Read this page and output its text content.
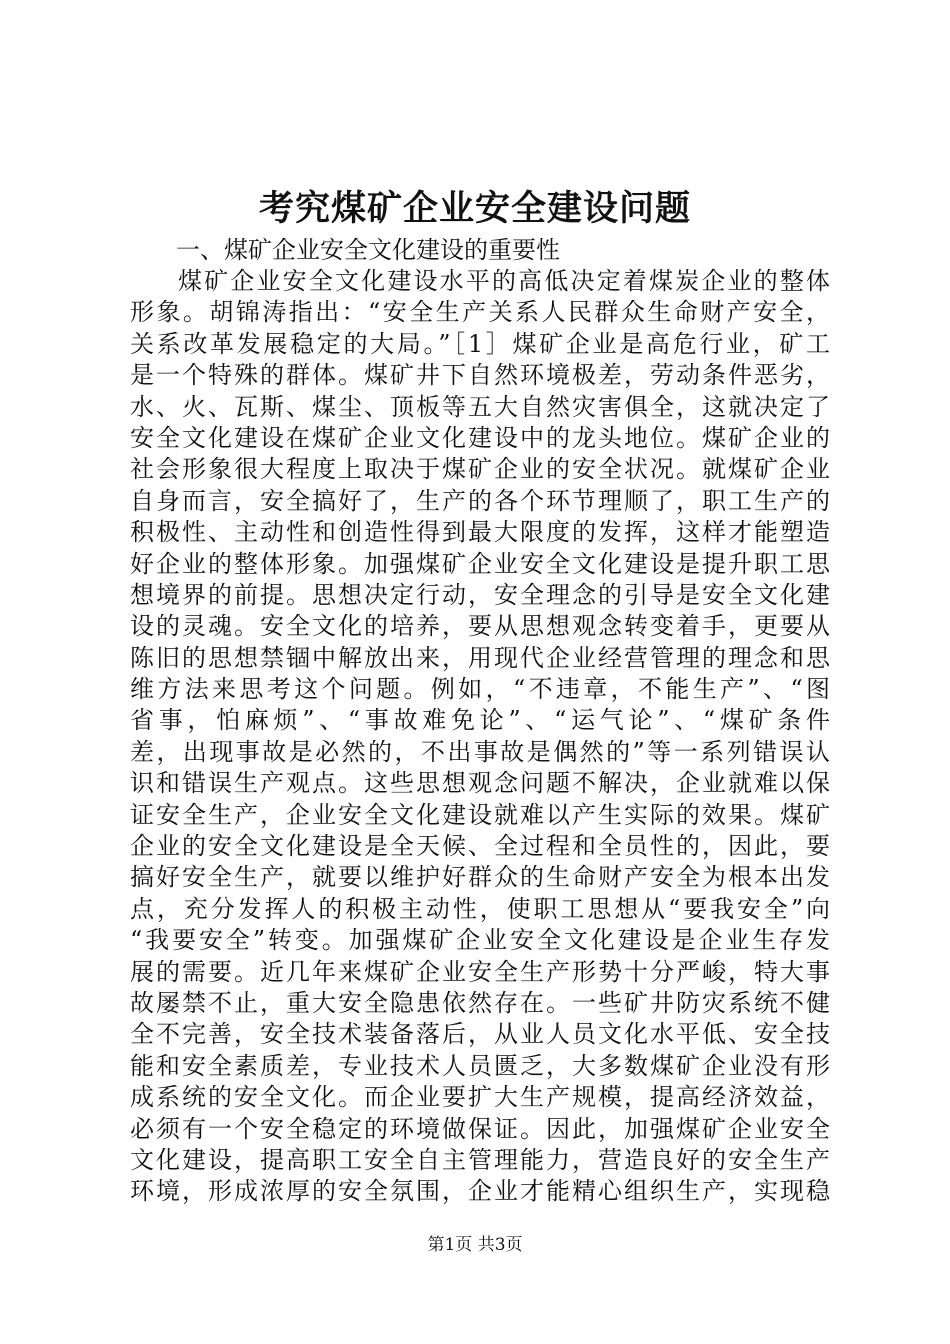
考究煤矿企业安全建设问题
一、煤矿企业安全文化建设的重要性
煤矿企业安全文化建设水平的高低决定着煤炭企业的整体
形象。胡锦涛指出：“安全生产关系人民群众生命财产安全，
关系改革发展稳定的大局。”［1］煤矿企业是高危行业，矿工
是一个特殊的群体。煤矿井下自然环境极差，劳动条件恶劣，
水、火、瓦斯、煤尘、顶板等五大自然灾害俱全，这就决定了
安全文化建设在煤矿企业文化建设中的龙头地位。煤矿企业的
社会形象很大程度上取决于煤矿企业的安全状况。就煤矿企业
自身而言，安全搞好了，生产的各个环节理顺了，职工生产的
积极性、主动性和创造性得到最大限度的发挥，这样才能塑造
好企业的整体形象。加强煤矿企业安全文化建设是提升职工思
想境界的前提。思想决定行动，安全理念的引导是安全文化建
设的灵魂。安全文化的培养，要从思想观念转变着手，更要从
陈旧的思想禁锢中解放出来，用现代企业经营管理的理念和思
维方法来思考这个问题。例如，“不违章，不能生产”、“图
省事，怕麻烦”、“事故难免论”、“运气论”、“煤矿条件
差，出现事故是必然的，不出事故是偶然的”等一系列错误认
识和错误生产观点。这些思想观念问题不解决，企业就难以保
证安全生产，企业安全文化建设就难以产生实际的效果。煤矿
企业的安全文化建设是全天候、全过程和全员性的，因此，要
搞好安全生产，就要以维护好群众的生命财产安全为根本出发
点，充分发挥人的积极主动性，使职工思想从“要我安全”向
“我要安全”转变。加强煤矿企业安全文化建设是企业生存发
展的需要。近几年来煤矿企业安全生产形势十分严峻，特大事
故屡禁不止，重大安全隐患依然存在。一些矿井防灾系统不健
全不完善，安全技术装备落后，从业人员文化水平低、安全技
能和安全素质差，专业技术人员匮乏，大多数煤矿企业没有形
成系统的安全文化。而企业要扩大生产规模，提高经济效益，
必须有一个安全稳定的环境做保证。因此，加强煤矿企业安全
文化建设，提高职工安全自主管理能力，营造良好的安全生产
环境，形成浓厚的安全氛围，企业才能精心组织生产，实现稳
第1页 共3页
